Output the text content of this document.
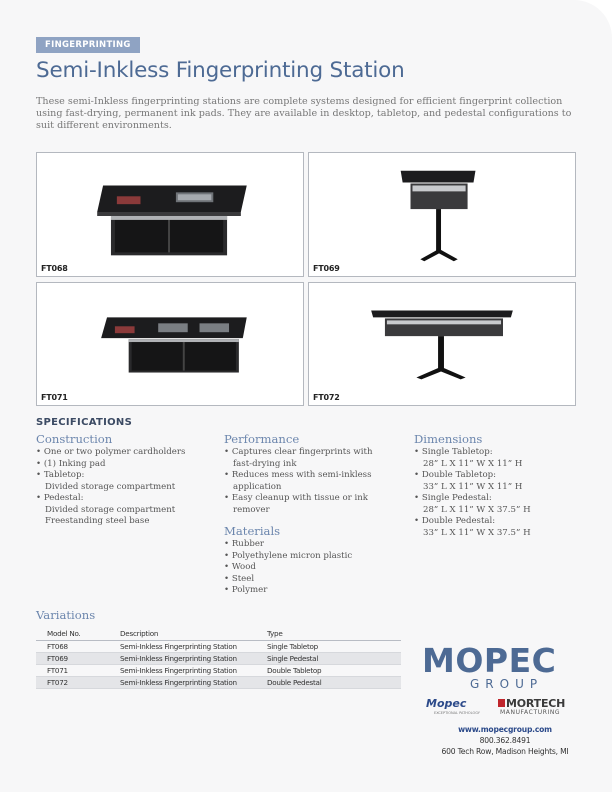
FINGERPRINTING
Semi-Inkless Fingerprinting Station

These semi-Inkless fingerprinting stations are complete systems designed for efficient fingerprint collection using fast-drying, permanent ink pads. They are available in desktop, tabletop, and pedestal configurations to suit different environments.

FT068	FT069
FT071	FT072
SPECIFICATIONS
Construction
• One or two polymer cardholders
• (1) Inking pad
• Tabletop:
Divided storage compartment
• Pedestal:
Divided storage compartment
Freestanding steel base
Performance
• Captures clear fingerprints with
fast-drying ink
• Reduces mess with semi-inkless
application
• Easy cleanup with tissue or ink
remover
Materials
• Rubber
• Polyethylene micron plastic
• Wood
• Steel
• Polymer
Dimensions
• Single Tabletop:
28” L X 11” W X 11” H
• Double Tabletop:
33” L X 11” W X 11” H
• Single Pedestal:
28” L X 11” W X 37.5” H
• Double Pedestal:
33” L X 11” W X 37.5” H
Variations
Model No.	Description	Type
FT068	Semi-Inkless Fingerprinting Station	Single Tabletop
FT069	Semi-Inkless Fingerprinting Station	Single Pedestal
FT071	Semi-Inkless Fingerprinting Station	Double Tabletop
FT072	Semi-Inkless Fingerprinting Station	Double Pedestal
MOPEC
GROUP
Mopec
EXCEPTIONAL PATHOLOGY
MORTECH
MANUFACTURING
www.mopecgroup.com
800.362.8491
600 Tech Row, Madison Heights, MI
